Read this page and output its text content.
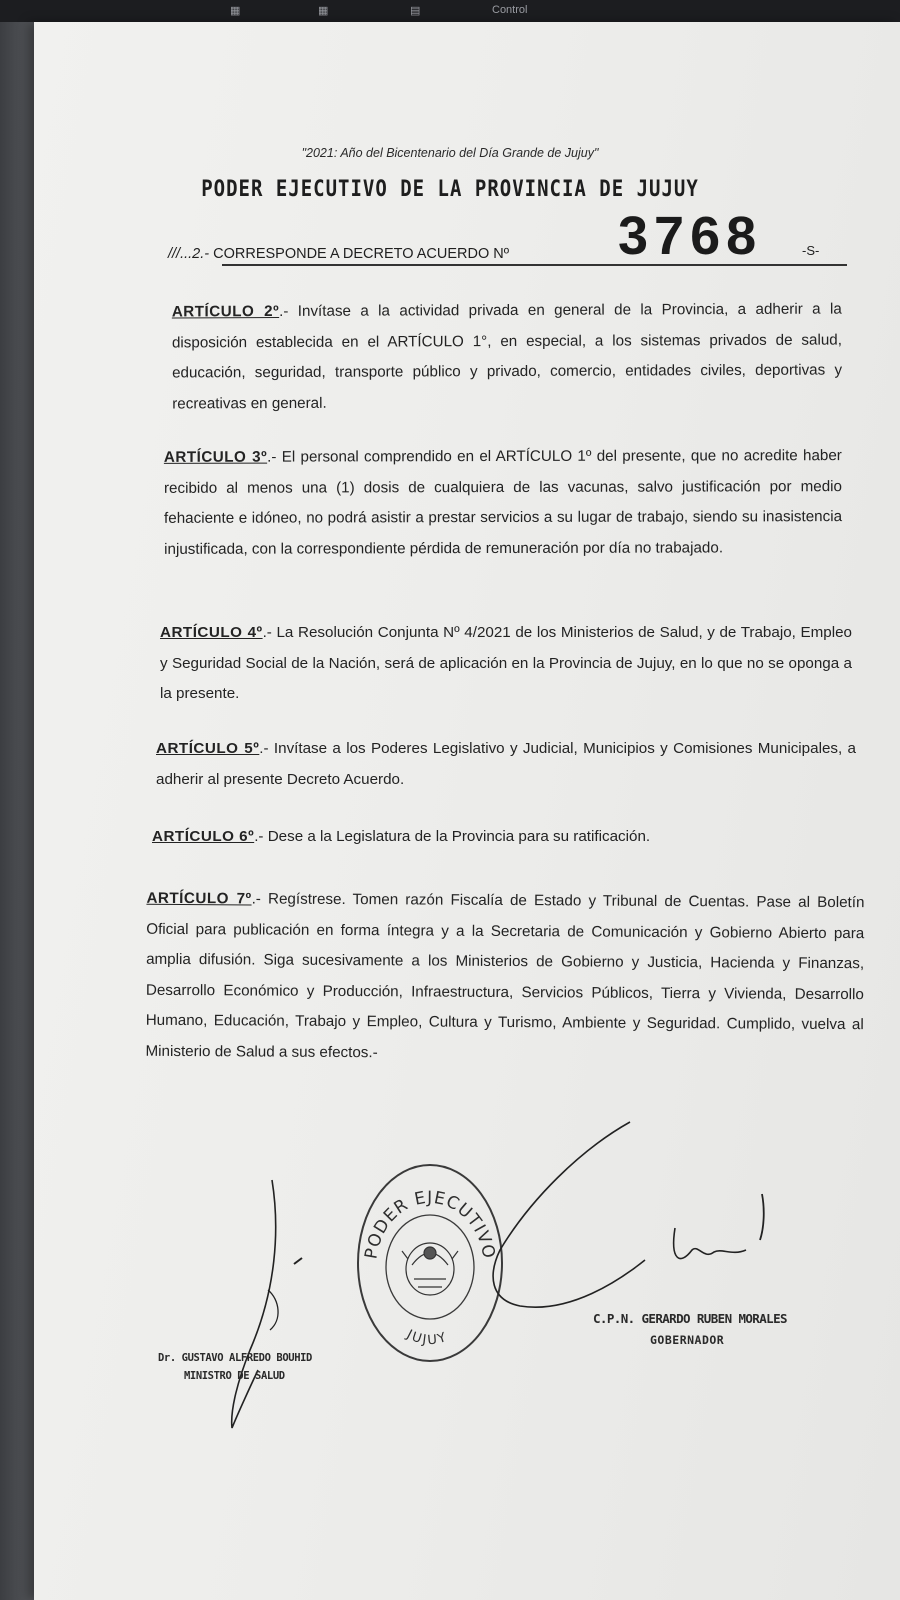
▦	▦	▤	Control
"2021: Año del Bicentenario del Día Grande de Jujuy"
PODER EJECUTIVO DE LA PROVINCIA DE JUJUY
///...2.- CORRESPONDE A DECRETO ACUERDO Nº 3768	-S-

ARTÍCULO 2º.- Invítase a la actividad privada en general de la Provincia, a adherir a la disposición establecida en el ARTÍCULO 1°, en especial, a los sistemas privados de salud, educación, seguridad, transporte público y privado, comercio, entidades civiles, deportivas y recreativas en general.

ARTÍCULO 3º.- El personal comprendido en el ARTÍCULO 1º del presente, que no acredite haber recibido al menos una (1) dosis de cualquiera de las vacunas, salvo justificación por medio fehaciente e idóneo, no podrá asistir a prestar servicios a su lugar de trabajo, siendo su inasistencia injustificada, con la correspondiente pérdida de remuneración por día no trabajado.

ARTÍCULO 4º.- La Resolución Conjunta Nº 4/2021 de los Ministerios de Salud, y de Trabajo, Empleo y Seguridad Social de la Nación, será de aplicación en la Provincia de Jujuy, en lo que no se oponga a la presente.

ARTÍCULO 5º.- Invítase a los Poderes Legislativo y Judicial, Municipios y Comisiones Municipales, a adherir al presente Decreto Acuerdo.

ARTÍCULO 6º.- Dese a la Legislatura de la Provincia para su ratificación.

ARTÍCULO 7º.- Regístrese. Tomen razón Fiscalía de Estado y Tribunal de Cuentas. Pase al Boletín Oficial para publicación en forma íntegra y a la Secretaria de Comunicación y Gobierno Abierto para amplia difusión. Siga sucesivamente a los Ministerios de Gobierno y Justicia, Hacienda y Finanzas, Desarrollo Económico y Producción, Infraestructura, Servicios Públicos, Tierra y Vivienda, Desarrollo Humano, Educación, Trabajo y Empleo, Cultura y Turismo, Ambiente y Seguridad. Cumplido, vuelva al Ministerio de Salud a sus efectos.-

PODER EJECUTIVO
JUJUY
Dr. GUSTAVO ALFREDO BOUHID
MINISTRO DE SALUD
C.P.N. GERARDO RUBEN MORALES
GOBERNADOR
